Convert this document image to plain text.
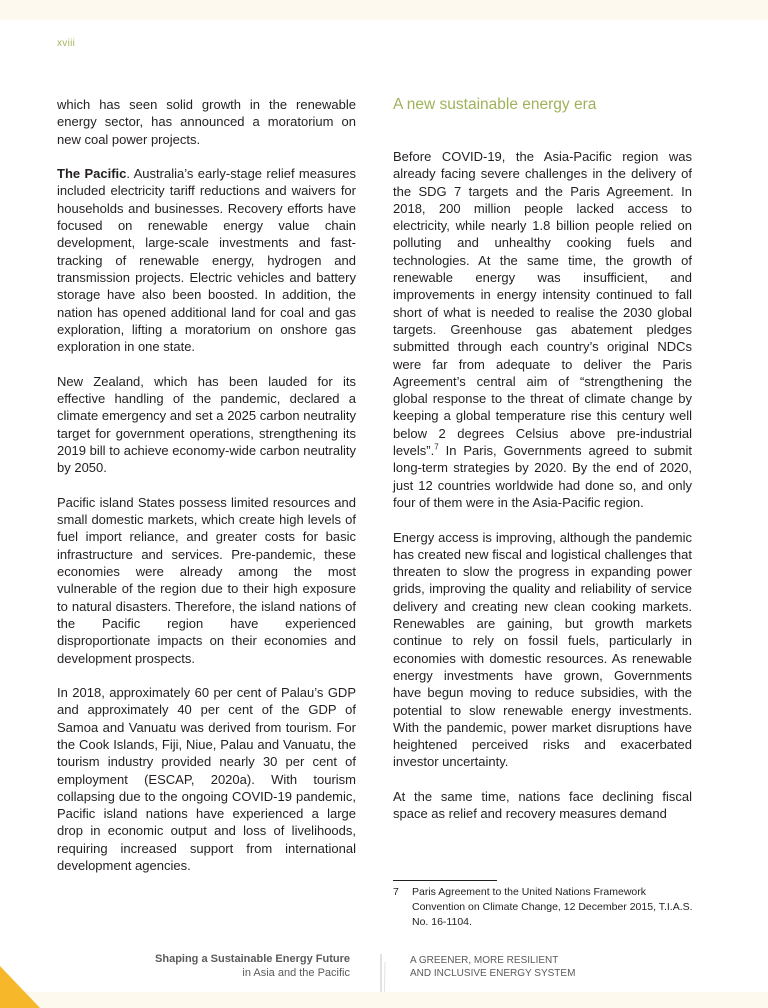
xviii

which has seen solid growth in the renewable energy sector, has announced a moratorium on new coal power projects.

The Pacific. Australia’s early-stage relief measures included electricity tariff reductions and waivers for households and businesses. Recovery efforts have focused on renewable energy value chain development, large-scale investments and fast-tracking of renewable energy, hydrogen and transmission projects. Electric vehicles and battery storage have also been boosted. In addition, the nation has opened additional land for coal and gas exploration, lifting a moratorium on onshore gas exploration in one state.

New Zealand, which has been lauded for its effective handling of the pandemic, declared a climate emergency and set a 2025 carbon neutrality target for government operations, strengthening its 2019 bill to achieve economy-wide carbon neutrality by 2050.

Pacific island States possess limited resources and small domestic markets, which create high levels of fuel import reliance, and greater costs for basic infrastructure and services. Pre-pandemic, these economies were already among the most vulnerable of the region due to their high exposure to natural disasters. Therefore, the island nations of the Pacific region have experienced disproportionate impacts on their economies and development prospects.

In 2018, approximately 60 per cent of Palau’s GDP and approximately 40 per cent of the GDP of Samoa and Vanuatu was derived from tourism. For the Cook Islands, Fiji, Niue, Palau and Vanuatu, the tourism industry provided nearly 30 per cent of employment (ESCAP, 2020a). With tourism collapsing due to the ongoing COVID-19 pandemic, Pacific island nations have experienced a large drop in economic output and loss of livelihoods, requiring increased support from international development agencies.

A new sustainable energy era

Before COVID-19, the Asia-Pacific region was already facing severe challenges in the delivery of the SDG 7 targets and the Paris Agreement. In 2018, 200 million people lacked access to electricity, while nearly 1.8 billion people relied on polluting and unhealthy cooking fuels and technologies. At the same time, the growth of renewable energy was insufficient, and improvements in energy intensity continued to fall short of what is needed to realise the 2030 global targets. Greenhouse gas abatement pledges submitted through each country’s original NDCs were far from adequate to deliver the Paris Agreement’s central aim of “strengthening the global response to the threat of climate change by keeping a global temperature rise this century well below 2 degrees Celsius above pre-industrial levels”.$^7$ In Paris, Governments agreed to submit long-term strategies by 2020. By the end of 2020, just 12 countries worldwide had done so, and only four of them were in the Asia-Pacific region.

Energy access is improving, although the pandemic has created new fiscal and logistical challenges that threaten to slow the progress in expanding power grids, improving the quality and reliability of service delivery and creating new clean cooking markets. Renewables are gaining, but growth markets continue to rely on fossil fuels, particularly in economies with domestic resources. As renewable energy investments have grown, Governments have begun moving to reduce subsidies, with the potential to slow renewable energy investments. With the pandemic, power market disruptions have heightened perceived risks and exacerbated investor uncertainty.

At the same time, nations face declining fiscal space as relief and recovery measures demand

7 Paris Agreement to the United Nations Framework Convention on Climate Change, 12 December 2015, T.I.A.S. No. 16-1104.
Shaping a Sustainable Energy Future
in Asia and the Pacific
A GREENER, MORE RESILIENT
AND INCLUSIVE ENERGY SYSTEM
